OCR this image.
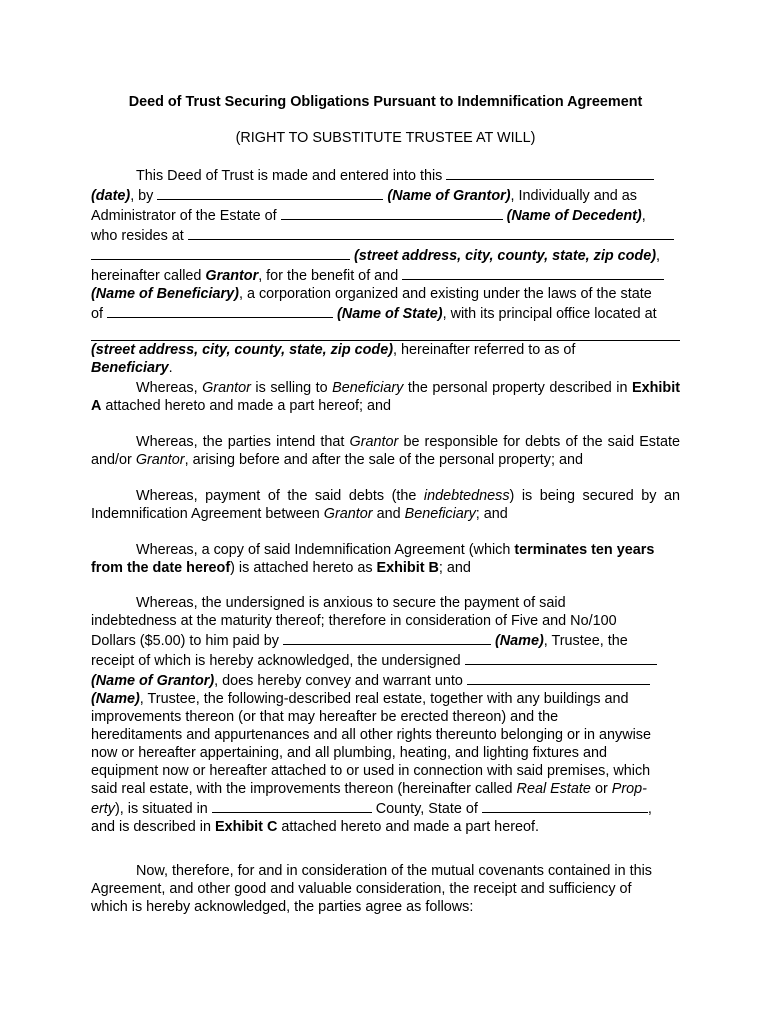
Deed of Trust Securing Obligations Pursuant to Indemnification Agreement
(RIGHT TO SUBSTITUTE TRUSTEE AT WILL)

This Deed of Trust is made and entered into this

(date), by	(Name of Grantor), Individually and as

Administrator of the Estate of	(Name of Decedent),

who resides at

(street address, city, county, state, zip code),

hereinafter called Grantor, for the benefit of and

(Name of Beneficiary), a corporation organized and existing under the laws of the state

of	(Name of State), with its principal office located at

(street address, city, county, state, zip code), hereinafter referred to as of

Beneficiary.

Whereas, Grantor is selling to Beneficiary the personal property described in Exhibit A attached hereto and made a part hereof; and

Whereas, the parties intend that Grantor be responsible for debts of the said Estate and/or Grantor, arising before and after the sale of the personal property; and

Whereas, payment of the said debts (the indebtedness) is being secured by an Indemnification Agreement between Grantor and Beneficiary; and

Whereas, a copy of said Indemnification Agreement (which terminates ten years from the date hereof) is attached hereto as Exhibit B; and

Whereas, the undersigned is anxious to secure the payment of said

indebtedness at the maturity thereof; therefore in consideration of Five and No/100

Dollars ($5.00) to him paid by	(Name), Trustee, the

receipt of which is hereby acknowledged, the undersigned

(Name of Grantor), does hereby convey and warrant unto

(Name), Trustee, the following-described real estate, together with any buildings and

improvements thereon (or that may hereafter be erected thereon) and the

hereditaments and appurtenances and all other rights thereunto belonging or in anywise

now or hereafter appertaining, and all plumbing, heating, and lighting fixtures and

equipment now or hereafter attached to or used in connection with said premises, which

said real estate, with the improvements thereon (hereinafter called Real Estate or Prop-

erty), is situated in	County, State of	,

and is described in Exhibit C attached hereto and made a part hereof.

Now, therefore, for and in consideration of the mutual covenants contained in this

Agreement, and other good and valuable consideration, the receipt and sufficiency of

which is hereby acknowledged, the parties agree as follows:
